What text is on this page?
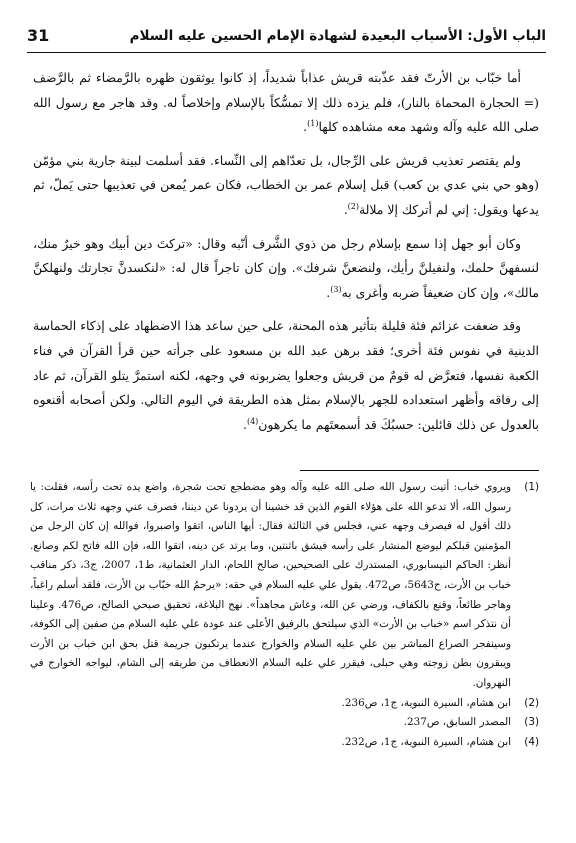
الباب الأول: الأسباب البعيدة لشهادة الإمام الحسين عليه السلام
31

أما خبّاب بن الأرتّ فقد عذّبته قريش عذاباً شديداً، إذ كانوا يوثقون ظهره بالرَّمضاء ثم بالرَّضف (= الحجارة المحماة بالنار)، فلم يزده ذلك إلا تمسُّكاً بالإسلام وإخلاصاً له. وقد هاجر مع رسول الله صلى الله عليه وآله وشهد معه مشاهده كلها$^{(1)}$.

ولم يقتصر تعذيب قريش على الرِّجال، بل تعدّاهم إلى النِّساء. فقد أسلمت لبينة جارية بني مؤمّن (وهو حي بني عدي بن كعب) قبل إسلام عمر بن الخطاب، فكان عمر يُمعن في تعذيبها حتى يَملّ، ثم يدعها ويقول: إني لم أتركك إلا ملالة$^{(2)}$.

وكان أبو جهل إذا سمع بإسلام رجل من ذوي الشَّرف أنّبه وقال: «تركتَ دين أبيك وهو خيرٌ منك، لنسفهنَّ حلمك، ولنفيلنَّ رأيك، ولنضعنَّ شرفك». وإن كان تاجراً قال له: «لنكسدنَّ تجارتك ولنهلكنَّ مالك»، وإن كان ضعيفاً ضربه وأغرى به$^{(3)}$.

وقد ضعفت عزائم فئة قليلة بتأثير هذه المحنة، على حين ساعد هذا الاضطهاد على إذكاء الحماسة الدينية في نفوس فئة أخرى؛ فقد برهن عبد الله بن مسعود على جرأته حين قرأ القرآن في فناء الكعبة نفسها، فتعرَّض له قومٌ من قريش وجعلوا يضربونه في وجهه، لكنه استمرَّ يتلو القرآن، ثم عاد إلى رفاقه وأظهر استعداده للجهر بالإسلام بمثل هذه الطريقة في اليوم التالي. ولكن أصحابه أقنعوه بالعدول عن ذلك قائلين: حسبُكَ قد أسمعتَهم ما يكرهون$^{(4)}$.

(1)
ويروي خباب: أتيت رسول الله صلى الله عليه وآله وهو مضطجع تحت شجرة، واضع يده تحت رأسه، فقلت: يا رسول الله، ألا تدعو الله على هؤلاء القوم الذين قد خشينا أن يردونا عن ديننا، فصرف عني وجهه ثلاث مرات، كل ذلك أقول له فيصرف وجهه عني، فجلس في الثالثة فقال: أيها الناس، اتقوا واصبروا، فوالله إن كان الرجل من المؤمنين قبلكم ليوضع المنشار على رأسه فيشق باثنتين، وما يرتد عن دينه، اتقوا الله، فإن الله فاتح لكم وصانع. أنظر: الحاكم النيسابوري، المستدرك على الصحيحين، صالح اللحام، الدار العثمانية، ط1، 2007، ج3، ذكر مناقب خباب بن الأرت، ح5643، ص472. يقول علي عليه السلام في حقه: «يرحمُ الله خبّاب بن الأرت، فلقد أسلم راغباً، وهاجر طائعاً، وقنع بالكفاف، ورضي عن الله، وعاش مجاهداً». نهج البلاغة، تحقيق صبحي الصالح، ص476. وعلينا أن نتذكر اسم «خباب بن الأرت» الذي سيلتحق بالرفيق الأعلى عند عودة علي عليه السلام من صفين إلى الكوفة، وسينفجر الصراع المباشر بين علي عليه السلام والخوارج عندما يرتكبون جريمة قتل بحق ابن خباب بن الأرت ويبقرون بطن زوجته وهي حبلى، فيقرر علي عليه السلام الانعطاف من طريقه إلى الشام، ليواجه الخوارج في النهروان.
(2)
ابن هشام، السيرة النبوية، ج1، ص236.
(3)
المصدر السابق، ص237.
(4)
ابن هشام، السيرة النبوية، ج1، ص232.
